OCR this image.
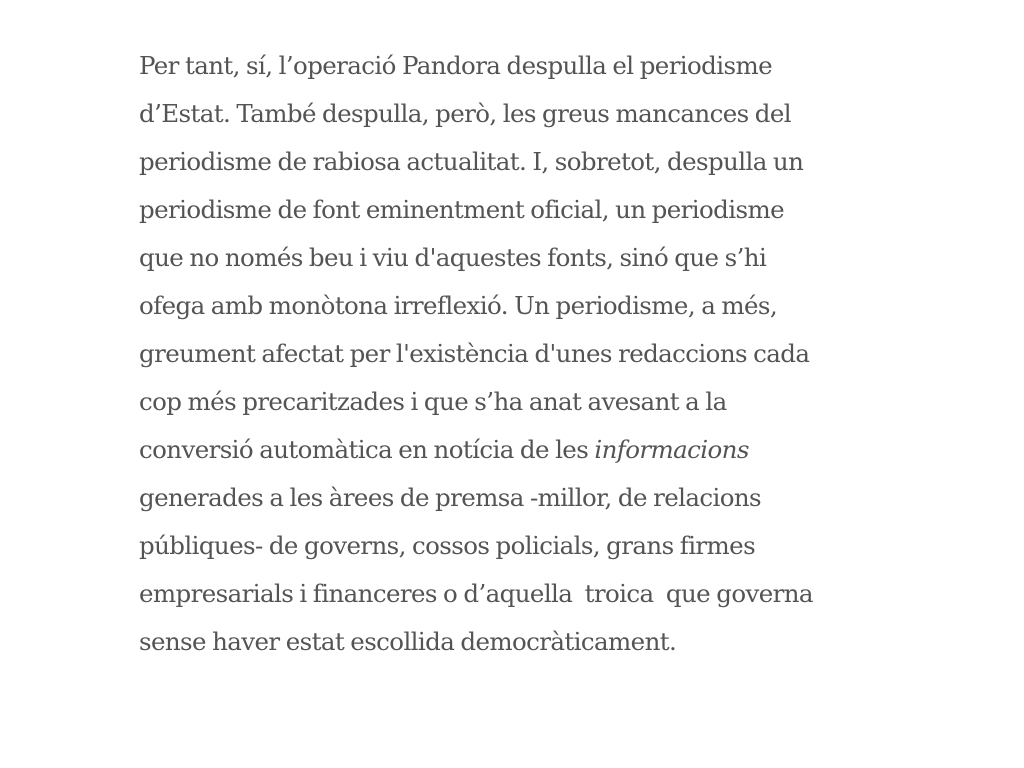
Per tant, sí, l’operació Pandora despulla el periodisme
d’Estat. També despulla, però, les greus mancances del
periodisme de rabiosa actualitat. I, sobretot, despulla un
periodisme de font eminentment oficial, un periodisme
que no només beu i viu d'aquestes fonts, sinó que s’hi
ofega amb monòtona irreflexió. Un periodisme, a més,
greument afectat per l'existència d'unes redaccions cada
cop més precaritzades i que s’ha anat avesant a la
conversió automàtica en notícia de les informacions
generades a les àrees de premsa -millor, de relacions
públiques- de governs, cossos policials, grans firmes
empresarials i financeres o d’aquella  troica  que governa
sense haver estat escollida democràticament.
